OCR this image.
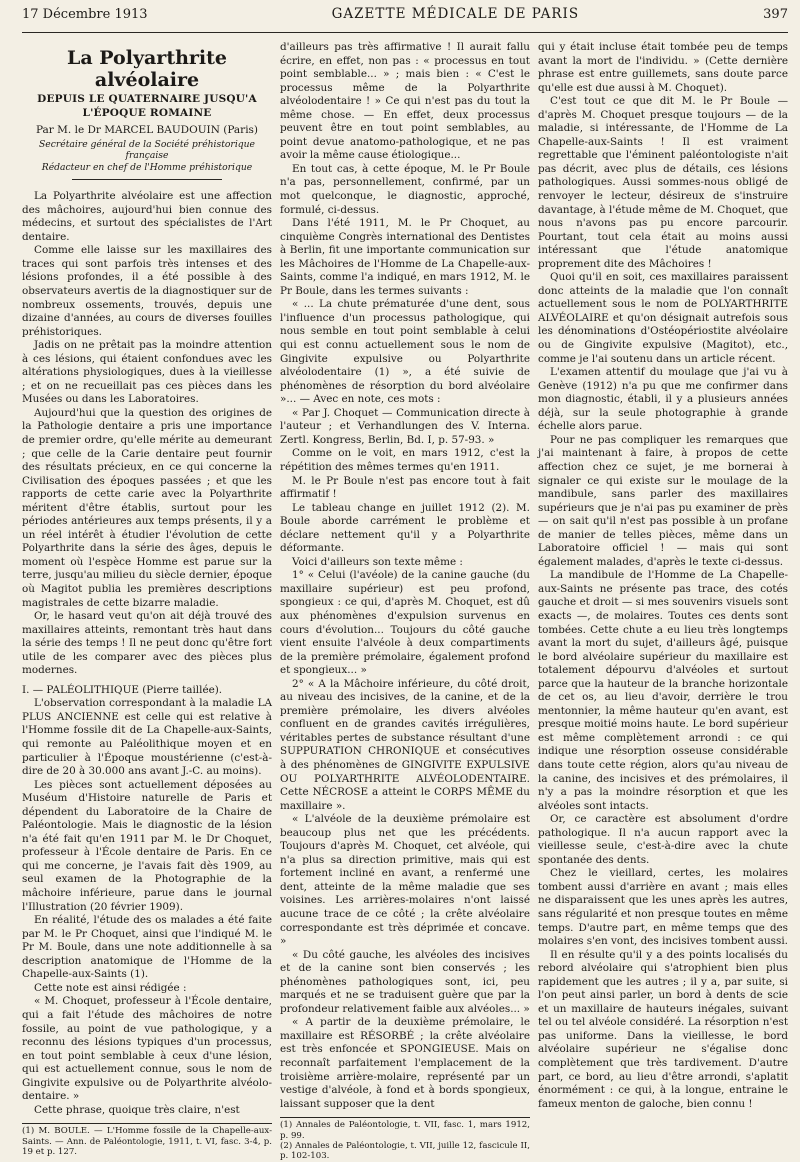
17 Décembre 1913	GAZETTE MÉDICALE DE PARIS	397
La Polyarthrite alvéolaire
DEPUIS LE QUATERNAIRE JUSQU'A L'ÉPOQUE ROMAINE
Par M. le Dr MARCEL BAUDOUIN (Paris)
Secrétaire général de la Société préhistorique française
Rédacteur en chef de l'Homme préhistorique

La Polyarthrite alvéolaire est une affection des mâchoires, aujourd'hui bien connue des médecins, et surtout des spécialistes de l'Art dentaire.

Comme elle laisse sur les maxillaires des traces qui sont parfois très intenses et des lésions profondes, il a été possible à des observateurs avertis de la diagnostiquer sur de nombreux ossements, trouvés, depuis une dizaine d'années, au cours de diverses fouilles préhistoriques.

Jadis on ne prêtait pas la moindre attention à ces lésions, qui étaient confondues avec les altérations physiologiques, dues à la vieillesse ; et on ne recueillait pas ces pièces dans les Musées ou dans les Laboratoires.

Aujourd'hui que la question des origines de la Pathologie dentaire a pris une importance de premier ordre, qu'elle mérite au demeurant ; que celle de la Carie dentaire peut fournir des résultats précieux, en ce qui concerne la Civilisation des époques passées ; et que les rapports de cette carie avec la Polyarthrite méritent d'être établis, surtout pour les périodes antérieures aux temps présents, il y a un réel intérêt à étudier l'évolution de cette Polyarthrite dans la série des âges, depuis le moment où l'espèce Homme est parue sur la terre, jusqu'au milieu du siècle dernier, époque où Magitot publia les premières descriptions magistrales de cette bizarre maladie.

Or, le hasard veut qu'on ait déjà trouvé des maxillaires atteints, remontant très haut dans la série des temps ! Il ne peut donc qu'être fort utile de les comparer avec des pièces plus modernes.

I. — PALÉOLITHIQUE (Pierre taillée).

L'observation correspondant à la maladie LA PLUS ANCIENNE est celle qui est relative à l'Homme fossile dit de La Chapelle-aux-Saints, qui remonte au Paléolithique moyen et en particulier à l'Époque moustérienne (c'est-à-dire de 20 à 30.000 ans avant J.-C. au moins).

Les pièces sont actuellement déposées au Muséum d'Histoire naturelle de Paris et dépendent du Laboratoire de la Chaire de Paléontologie. Mais le diagnostic de la lésion n'a été fait qu'en 1911 par M. le Dr Choquet, professeur à l'École dentaire de Paris. En ce qui me concerne, je l'avais fait dès 1909, au seul examen de la Photographie de la mâchoire inférieure, parue dans le journal l'Illustration (20 février 1909).

En réalité, l'étude des os malades a été faite par M. le Pr Choquet, ainsi que l'indiqué M. le Pr M. Boule, dans une note additionnelle à sa description anatomique de l'Homme de la Chapelle-aux-Saints (1).

Cette note est ainsi rédigée :

« M. Choquet, professeur à l'École dentaire, qui a fait l'étude des mâchoires de notre fossile, au point de vue pathologique, y a reconnu des lésions typiques d'un processus, en tout point semblable à ceux d'une lésion, qui est actuellement connue, sous le nom de Gingivite expulsive ou de Polyarthrite alvéolo-dentaire. »

Cette phrase, quoique très claire, n'est

(1) M. BOULE. — L'Homme fossile de la Chapelle-aux-Saints. — Ann. de Paléontologie, 1911, t. VI, fasc. 3-4, p. 19 et p. 127.

d'ailleurs pas très affirmative ! Il aurait fallu écrire, en effet, non pas : « processus en tout point semblable... » ; mais bien : « C'est le processus même de la Polyarthrite alvéolodentaire ! » Ce qui n'est pas du tout la même chose. — En effet, deux processus peuvent être en tout point semblables, au point devue anatomo-pathologique, et ne pas avoir la même cause étiologique...

En tout cas, à cette époque, M. le Pr Boule n'a pas, personnellement, confirmé, par un mot quelconque, le diagnostic, approché, formulé, ci-dessus.

Dans l'été 1911, M. le Pr Choquet, au cinquième Congrès international des Dentistes à Berlin, fit une importante communication sur les Mâchoires de l'Homme de La Chapelle-aux-Saints, comme l'a indiqué, en mars 1912, M. le Pr Boule, dans les termes suivants :

« ... La chute prématurée d'une dent, sous l'influence d'un processus pathologique, qui nous semble en tout point semblable à celui qui est connu actuellement sous le nom de Gingivite expulsive ou Polyarthrite alvéolodentaire (1) », a été suivie de phénomènes de résorption du bord alvéolaire »... — Avec en note, ces mots :

« Par J. Choquet — Communication directe à l'auteur ; et Verhandlungen des V. Interna. Zertl. Kongress, Berlin, Bd. I, p. 57-93. »

Comme on le voit, en mars 1912, c'est la répétition des mêmes termes qu'en 1911.

M. le Pr Boule n'est pas encore tout à fait affirmatif !

Le tableau change en juillet 1912 (2). M. Boule aborde carrément le problème et déclare nettement qu'il y a Polyarthrite déformante.

Voici d'ailleurs son texte même :

1° « Celui (l'avéole) de la canine gauche (du maxillaire supérieur) est peu profond, spongieux : ce qui, d'après M. Choquet, est dû aux phénomènes d'expulsion survenus en cours d'évolution... Toujours du côté gauche vient ensuite l'alvéole à deux compartiments de la première prémolaire, également profond et spongieux... »

2° « A la Mâchoire inférieure, du côté droit, au niveau des incisives, de la canine, et de la première prémolaire, les divers alvéoles confluent en de grandes cavités irrégulières, véritables pertes de substance résultant d'une SUPPURATION CHRONIQUE et consécutives à des phénomènes de GINGIVITE EXPULSIVE OU POLYARTHRITE ALVÉOLODENTAIRE. Cette NÉCROSE a atteint le CORPS MÊME du maxillaire ».

« L'alvéole de la deuxième prémolaire est beaucoup plus net que les précédents. Toujours d'après M. Choquet, cet alvéole, qui n'a plus sa direction primitive, mais qui est fortement incliné en avant, a renfermé une dent, atteinte de la même maladie que ses voisines. Les arrières-molaires n'ont laissé aucune trace de ce côté ; la crête alvéolaire correspondante est très déprimée et concave. »

« Du côté gauche, les alvéoles des incisives et de la canine sont bien conservés ; les phénomènes pathologiques sont, ici, peu marqués et ne se traduisent guère que par la profondeur relativement faible aux alvéoles... »

« A partir de la deuxième prémolaire, le maxillaire est RÉSORBÉ ; la crête alvéolaire est très enfoncée et SPONGIEUSE. Mais on reconnaît parfaitement l'emplacement de la troisième arrière-molaire, représenté par un vestige d'alvéole, à fond et à bords spongieux, laissant supposer que la dent

(1) Annales de Paléontologie, t. VII, fasc. 1, mars 1912, p. 99.

(2) Annales de Paléontologie, t. VII, juille 12, fascicule II, p. 102-103.

qui y était incluse était tombée peu de temps avant la mort de l'individu. » (Cette dernière phrase est entre guillemets, sans doute parce qu'elle est due aussi à M. Choquet).

C'est tout ce que dit M. le Pr Boule — d'après M. Choquet presque toujours — de la maladie, si intéressante, de l'Homme de La Chapelle-aux-Saints ! Il est vraiment regrettable que l'éminent paléontologiste n'ait pas décrit, avec plus de détails, ces lésions pathologiques. Aussi sommes-nous obligé de renvoyer le lecteur, désireux de s'instruire davantage, à l'étude même de M. Choquet, que nous n'avons pas pu encore parcourir. Pourtant, tout cela était au moins aussi intéressant que l'étude anatomique proprement dite des Mâchoires !

Quoi qu'il en soit, ces maxillaires paraissent donc atteints de la maladie que l'on connaît actuellement sous le nom de POLYARTHRITE ALVÉOLAIRE et qu'on désignait autrefois sous les dénominations d'Ostéopériostite alvéolaire ou de Gingivite expulsive (Magitot), etc., comme je l'ai soutenu dans un article récent.

L'examen attentif du moulage que j'ai vu à Genève (1912) n'a pu que me confirmer dans mon diagnostic, établi, il y a plusieurs années déjà, sur la seule photographie à grande échelle alors parue.

Pour ne pas compliquer les remarques que j'ai maintenant à faire, à propos de cette affection chez ce sujet, je me bornerai à signaler ce qui existe sur le moulage de la mandibule, sans parler des maxillaires supérieurs que je n'ai pas pu examiner de près — on sait qu'il n'est pas possible à un profane de manier de telles pièces, même dans un Laboratoire officiel ! — mais qui sont également malades, d'après le texte ci-dessus.

La mandibule de l'Homme de La Chapelle-aux-Saints ne présente pas trace, des cotés gauche et droit — si mes souvenirs visuels sont exacts —, de molaires. Toutes ces dents sont tombées. Cette chute a eu lieu très longtemps avant la mort du sujet, d'ailleurs âgé, puisque le bord alvéolaire supérieur du maxillaire est totalement dépourvu d'alvéoles et surtout parce que la hauteur de la branche horizontale de cet os, au lieu d'avoir, derrière le trou mentonnier, la même hauteur qu'en avant, est presque moitié moins haute. Le bord supérieur est même complètement arrondi : ce qui indique une résorption osseuse considérable dans toute cette région, alors qu'au niveau de la canine, des incisives et des prémolaires, il n'y a pas la moindre résorption et que les alvéoles sont intacts.

Or, ce caractère est absolument d'ordre pathologique. Il n'a aucun rapport avec la vieillesse seule, c'est-à-dire avec la chute spontanée des dents.

Chez le vieillard, certes, les molaires tombent aussi d'arrière en avant ; mais elles ne disparaissent que les unes après les autres, sans régularité et non presque toutes en même temps. D'autre part, en même temps que des molaires s'en vont, des incisives tombent aussi.

Il en résulte qu'il y a des points localisés du rebord alvéolaire qui s'atrophient bien plus rapidement que les autres ; il y a, par suite, si l'on peut ainsi parler, un bord à dents de scie et un maxillaire de hauteurs inégales, suivant tel ou tel alvéole considéré. La résorption n'est pas uniforme. Dans la vieillesse, le bord alvéolaire supérieur ne s'égalise donc complètement que très tardivement. D'autre part, ce bord, au lieu d'être arrondi, s'aplatit énormément : ce qui, à la longue, entraine le fameux menton de galoche, bien connu !
